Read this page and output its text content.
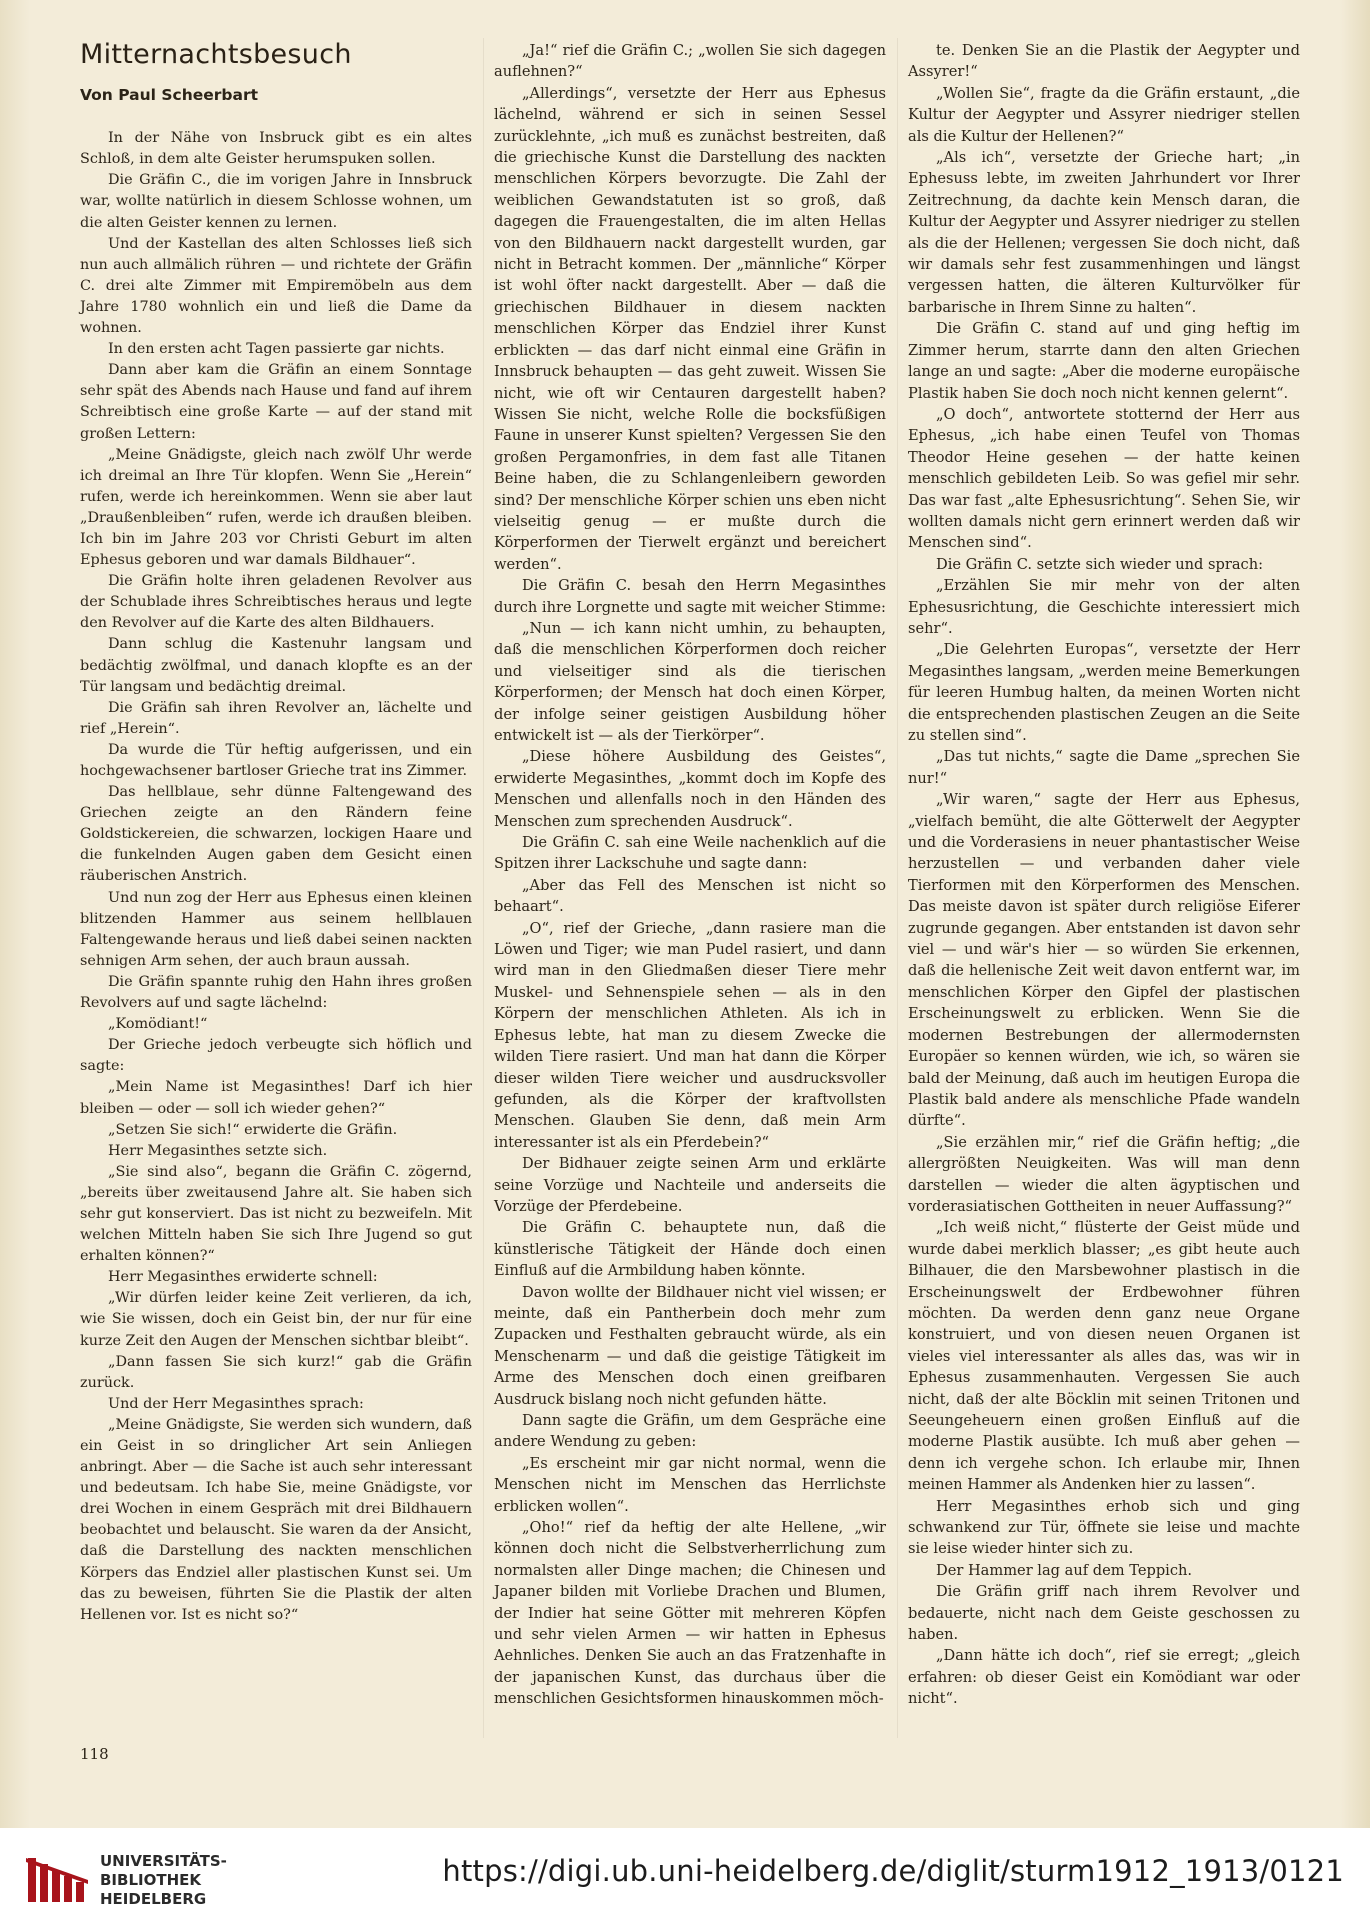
Mitternachtsbesuch
Von Paul Scheerbart

In der Nähe von Insbruck gibt es ein altes Schloß, in dem alte Geister herumspuken sollen.

Die Gräfin C., die im vorigen Jahre in Innsbruck war, wollte natürlich in diesem Schlosse wohnen, um die alten Geister kennen zu lernen.

Und der Kastellan des alten Schlosses ließ sich nun auch allmälich rühren — und richtete der Gräfin C. drei alte Zimmer mit Empiremöbeln aus dem Jahre 1780 wohnlich ein und ließ die Dame da wohnen.

In den ersten acht Tagen passierte gar nichts.

Dann aber kam die Gräfin an einem Sonntage sehr spät des Abends nach Hause und fand auf ihrem Schreibtisch eine große Karte — auf der stand mit großen Lettern:

„Meine Gnädigste, gleich nach zwölf Uhr werde ich dreimal an Ihre Tür klopfen. Wenn Sie „Herein“ rufen, werde ich hereinkommen. Wenn sie aber laut „Draußenbleiben“ rufen, werde ich draußen bleiben. Ich bin im Jahre 203 vor Christi Geburt im alten Ephesus geboren und war damals Bildhauer“.

Die Gräfin holte ihren geladenen Revolver aus der Schublade ihres Schreibtisches heraus und legte den Revolver auf die Karte des alten Bildhauers.

Dann schlug die Kastenuhr langsam und bedächtig zwölfmal, und danach klopfte es an der Tür langsam und bedächtig dreimal.

Die Gräfin sah ihren Revolver an, lächelte und rief „Herein“.

Da wurde die Tür heftig aufgerissen, und ein hochgewachsener bartloser Grieche trat ins Zimmer.

Das hellblaue, sehr dünne Faltengewand des Griechen zeigte an den Rändern feine Goldstickereien, die schwarzen, lockigen Haare und die funkelnden Augen gaben dem Gesicht einen räuberischen Anstrich.

Und nun zog der Herr aus Ephesus einen kleinen blitzenden Hammer aus seinem hellblauen Faltengewande heraus und ließ dabei seinen nackten sehnigen Arm sehen, der auch braun aussah.

Die Gräfin spannte ruhig den Hahn ihres großen Revolvers auf und sagte lächelnd:

„Komödiant!“

Der Grieche jedoch verbeugte sich höflich und sagte:

„Mein Name ist Megasinthes! Darf ich hier bleiben — oder — soll ich wieder gehen?“

„Setzen Sie sich!“ erwiderte die Gräfin.

Herr Megasinthes setzte sich.

„Sie sind also“, begann die Gräfin C. zögernd, „bereits über zweitausend Jahre alt. Sie haben sich sehr gut konserviert. Das ist nicht zu bezweifeln. Mit welchen Mitteln haben Sie sich Ihre Jugend so gut erhalten können?“

Herr Megasinthes erwiderte schnell:

„Wir dürfen leider keine Zeit verlieren, da ich, wie Sie wissen, doch ein Geist bin, der nur für eine kurze Zeit den Augen der Menschen sichtbar bleibt“.

„Dann fassen Sie sich kurz!“ gab die Gräfin zurück.

Und der Herr Megasinthes sprach:

„Meine Gnädigste, Sie werden sich wundern, daß ein Geist in so dringlicher Art sein Anliegen anbringt. Aber — die Sache ist auch sehr interessant und bedeutsam. Ich habe Sie, meine Gnädigste, vor drei Wochen in einem Gespräch mit drei Bildhauern beobachtet und belauscht. Sie waren da der Ansicht, daß die Darstellung des nackten menschlichen Körpers das Endziel aller plastischen Kunst sei. Um das zu beweisen, führten Sie die Plastik der alten Hellenen vor. Ist es nicht so?“

„Ja!“ rief die Gräfin C.; „wollen Sie sich dagegen auflehnen?“

„Allerdings“, versetzte der Herr aus Ephesus lächelnd, während er sich in seinen Sessel zurücklehnte, „ich muß es zunächst bestreiten, daß die griechische Kunst die Darstellung des nackten menschlichen Körpers bevorzugte. Die Zahl der weiblichen Gewandstatuten ist so groß, daß dagegen die Frauengestalten, die im alten Hellas von den Bildhauern nackt dargestellt wurden, gar nicht in Betracht kommen. Der „männliche“ Körper ist wohl öfter nackt dargestellt. Aber — daß die griechischen Bildhauer in diesem nackten menschlichen Körper das Endziel ihrer Kunst erblickten — das darf nicht einmal eine Gräfin in Innsbruck behaupten — das geht zuweit. Wissen Sie nicht, wie oft wir Centauren dargestellt haben? Wissen Sie nicht, welche Rolle die bocksfüßigen Faune in unserer Kunst spielten? Vergessen Sie den großen Pergamonfries, in dem fast alle Titanen Beine haben, die zu Schlangenleibern geworden sind? Der menschliche Körper schien uns eben nicht vielseitig genug — er mußte durch die Körperformen der Tierwelt ergänzt und bereichert werden“.

Die Gräfin C. besah den Herrn Megasinthes durch ihre Lorgnette und sagte mit weicher Stimme:

„Nun — ich kann nicht umhin, zu behaupten, daß die menschlichen Körperformen doch reicher und vielseitiger sind als die tierischen Körperformen; der Mensch hat doch einen Körper, der infolge seiner geistigen Ausbildung höher entwickelt ist — als der Tierkörper“.

„Diese höhere Ausbildung des Geistes“, erwiderte Megasinthes, „kommt doch im Kopfe des Menschen und allenfalls noch in den Händen des Menschen zum sprechenden Ausdruck“.

Die Gräfin C. sah eine Weile nachenklich auf die Spitzen ihrer Lackschuhe und sagte dann:

„Aber das Fell des Menschen ist nicht so behaart“.

„O“, rief der Grieche, „dann rasiere man die Löwen und Tiger; wie man Pudel rasiert, und dann wird man in den Gliedmaßen dieser Tiere mehr Muskel- und Sehnenspiele sehen — als in den Körpern der menschlichen Athleten. Als ich in Ephesus lebte, hat man zu diesem Zwecke die wilden Tiere rasiert. Und man hat dann die Körper dieser wilden Tiere weicher und ausdrucksvoller gefunden, als die Körper der kraftvollsten Menschen. Glauben Sie denn, daß mein Arm interessanter ist als ein Pferdebein?“

Der Bidhauer zeigte seinen Arm und erklärte seine Vorzüge und Nachteile und anderseits die Vorzüge der Pferdebeine.

Die Gräfin C. behauptete nun, daß die künstlerische Tätigkeit der Hände doch einen Einfluß auf die Armbildung haben könnte.

Davon wollte der Bildhauer nicht viel wissen; er meinte, daß ein Pantherbein doch mehr zum Zupacken und Festhalten gebraucht würde, als ein Menschenarm — und daß die geistige Tätigkeit im Arme des Menschen doch einen greifbaren Ausdruck bislang noch nicht gefunden hätte.

Dann sagte die Gräfin, um dem Gespräche eine andere Wendung zu geben:

„Es erscheint mir gar nicht normal, wenn die Menschen nicht im Menschen das Herrlichste erblicken wollen“.

„Oho!“ rief da heftig der alte Hellene, „wir können doch nicht die Selbstverherrlichung zum normalsten aller Dinge machen; die Chinesen und Japaner bilden mit Vorliebe Drachen und Blumen, der Indier hat seine Götter mit mehreren Köpfen und sehr vielen Armen — wir hatten in Ephesus Aehnliches. Denken Sie auch an das Fratzenhafte in der japanischen Kunst, das durchaus über die menschlichen Gesichtsformen hinauskommen möch-

te. Denken Sie an die Plastik der Aegypter und Assyrer!“

„Wollen Sie“, fragte da die Gräfin erstaunt, „die Kultur der Aegypter und Assyrer niedriger stellen als die Kultur der Hellenen?“

„Als ich“, versetzte der Grieche hart; „in Ephesuss lebte, im zweiten Jahrhundert vor Ihrer Zeitrechnung, da dachte kein Mensch daran, die Kultur der Aegypter und Assyrer niedriger zu stellen als die der Hellenen; vergessen Sie doch nicht, daß wir damals sehr fest zusammenhingen und längst vergessen hatten, die älteren Kulturvölker für barbarische in Ihrem Sinne zu halten“.

Die Gräfin C. stand auf und ging heftig im Zimmer herum, starrte dann den alten Griechen lange an und sagte: „Aber die moderne europäische Plastik haben Sie doch noch nicht kennen gelernt“.

„O doch“, antwortete stotternd der Herr aus Ephesus, „ich habe einen Teufel von Thomas Theodor Heine gesehen — der hatte keinen menschlich gebildeten Leib. So was gefiel mir sehr. Das war fast „alte Ephesusrichtung“. Sehen Sie, wir wollten damals nicht gern erinnert werden daß wir Menschen sind“.

Die Gräfin C. setzte sich wieder und sprach:

„Erzählen Sie mir mehr von der alten Ephesusrichtung, die Geschichte interessiert mich sehr“.

„Die Gelehrten Europas“, versetzte der Herr Megasinthes langsam, „werden meine Bemerkungen für leeren Humbug halten, da meinen Worten nicht die entsprechenden plastischen Zeugen an die Seite zu stellen sind“.

„Das tut nichts,“ sagte die Dame „sprechen Sie nur!“

„Wir waren,“ sagte der Herr aus Ephesus, „vielfach bemüht, die alte Götterwelt der Aegypter und die Vorderasiens in neuer phantastischer Weise herzustellen — und verbanden daher viele Tierformen mit den Körperformen des Menschen. Das meiste davon ist später durch religiöse Eiferer zugrunde gegangen. Aber entstanden ist davon sehr viel — und wär's hier — so würden Sie erkennen, daß die hellenische Zeit weit davon entfernt war, im menschlichen Körper den Gipfel der plastischen Erscheinungswelt zu erblicken. Wenn Sie die modernen Bestrebungen der allermodernsten Europäer so kennen würden, wie ich, so wären sie bald der Meinung, daß auch im heutigen Europa die Plastik bald andere als menschliche Pfade wandeln dürfte“.

„Sie erzählen mir,“ rief die Gräfin heftig; „die allergrößten Neuigkeiten. Was will man denn darstellen — wieder die alten ägyptischen und vorderasiatischen Gottheiten in neuer Auffassung?“

„Ich weiß nicht,“ flüsterte der Geist müde und wurde dabei merklich blasser; „es gibt heute auch Bilhauer, die den Marsbewohner plastisch in die Erscheinungswelt der Erdbewohner führen möchten. Da werden denn ganz neue Organe konstruiert, und von diesen neuen Organen ist vieles viel interessanter als alles das, was wir in Ephesus zusammenhauten. Vergessen Sie auch nicht, daß der alte Böcklin mit seinen Tritonen und Seeungeheuern einen großen Einfluß auf die moderne Plastik ausübte. Ich muß aber gehen — denn ich vergehe schon. Ich erlaube mir, Ihnen meinen Hammer als Andenken hier zu lassen“.

Herr Megasinthes erhob sich und ging schwankend zur Tür, öffnete sie leise und machte sie leise wieder hinter sich zu.

Der Hammer lag auf dem Teppich.

Die Gräfin griff nach ihrem Revolver und bedauerte, nicht nach dem Geiste geschossen zu haben.

„Dann hätte ich doch“, rief sie erregt; „gleich erfahren: ob dieser Geist ein Komödiant war oder nicht“.

118
UNIVERSITÄTS-
BIBLIOTHEK
HEIDELBERG
https://digi.ub.uni-heidelberg.de/diglit/sturm1912_1913/0121
